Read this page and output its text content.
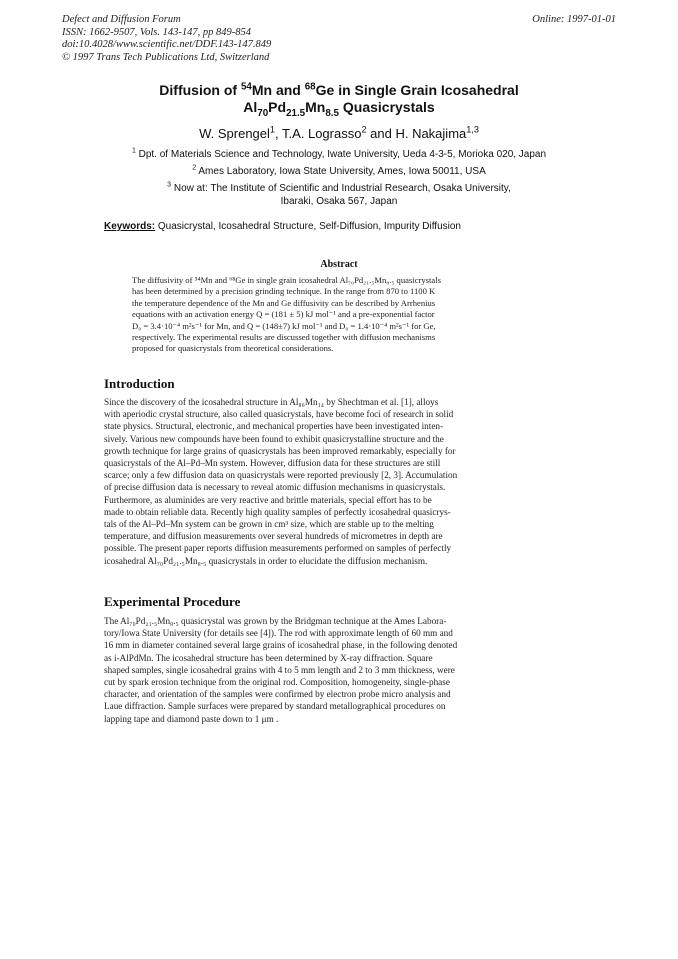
Defect and Diffusion Forum
ISSN: 1662-9507, Vols. 143-147, pp 849-854
doi:10.4028/www.scientific.net/DDF.143-147.849
© 1997 Trans Tech Publications Ltd, Switzerland
Online: 1997-01-01
Diffusion of $^{54}$Mn and $^{68}$Ge in Single Grain Icosahedral
$Al_{70}Pd_{21.5}Mn_{8.5}$ Quasicrystals
W. Sprengel$^1$, T.A. Lograsso$^2$ and H. Nakajima$^{1,3}$
$^1$ Dpt. of Materials Science and Technology, Iwate University, Ueda 4-3-5, Morioka 020, Japan
$^2$ Ames Laboratory, Iowa State University, Ames, Iowa 50011, USA
$^3$ Now at: The Institute of Scientific and Industrial Research, Osaka University,
Ibaraki, Osaka 567, Japan
Keywords: Quasicrystal, Icosahedral Structure, Self-Diffusion, Impurity Diffusion
Abstract
The diffusivity of ⁵⁴Mn and ⁶⁸Ge in single grain icosahedral Al₇₀Pd₂₁.₅Mn₈.₅ quasicrystals
has been determined by a precision grinding technique. In the range from 870 to 1100 K
the temperature dependence of the Mn and Ge diffusivity can be described by Arrhenius
equations with an activation energy Q = (181 ± 5) kJ mol⁻¹ and a pre-exponential factor
D₀ = 3.4·10⁻⁴ m²s⁻¹ for Mn, and Q = (148±7) kJ mol⁻¹ and D₀ = 1.4·10⁻⁴ m²s⁻¹ for Ge,
respectively. The experimental results are discussed together with diffusion mechanisms
proposed for quasicrystals from theoretical considerations.
Introduction
Since the discovery of the icosahedral structure in Al₈₆Mn₁₄ by Shechtman et al. [1], alloys
with aperiodic crystal structure, also called quasicrystals, have become foci of research in solid
state physics. Structural, electronic, and mechanical properties have been investigated inten-
sively. Various new compounds have been found to exhibit quasicrystalline structure and the
growth technique for large grains of quasicrystals has been improved remarkably, especially for
quasicrystals of the Al–Pd–Mn system. However, diffusion data for these structures are still
scarce; only a few diffusion data on quasicrystals were reported previously [2, 3]. Accumulation
of precise diffusion data is necessary to reveal atomic diffusion mechanisms in quasicrystals.
Furthermore, as aluminides are very reactive and brittle materials, special effort has to be
made to obtain reliable data. Recently high quality samples of perfectly icosahedral quasicrys-
tals of the Al–Pd–Mn system can be grown in cm³ size, which are stable up to the melting
temperature, and diffusion measurements over several hundreds of micrometres in depth are
possible. The present paper reports diffusion measurements performed on samples of perfectly
icosahedral Al₇₀Pd₂₁.₅Mn₈.₅ quasicrystals in order to elucidate the diffusion mechanism.
Experimental Procedure
The Al₇₀Pd₂₁.₅Mn₈.₅ quasicrystal was grown by the Bridgman technique at the Ames Labora-
tory/Iowa State University (for details see [4]). The rod with approximate length of 60 mm and
16 mm in diameter contained several large grains of icosahedral phase, in the following denoted
as i-AlPdMn. The icosahedral structure has been determined by X-ray diffraction. Square
shaped samples, single icosahedral grains with 4 to 5 mm length and 2 to 3 mm thickness, were
cut by spark erosion technique from the original rod. Composition, homogeneity, single-phase
character, and orientation of the samples were confirmed by electron probe micro analysis and
Laue diffraction. Sample surfaces were prepared by standard metallographical procedures on
lapping tape and diamond paste down to 1 μm .
